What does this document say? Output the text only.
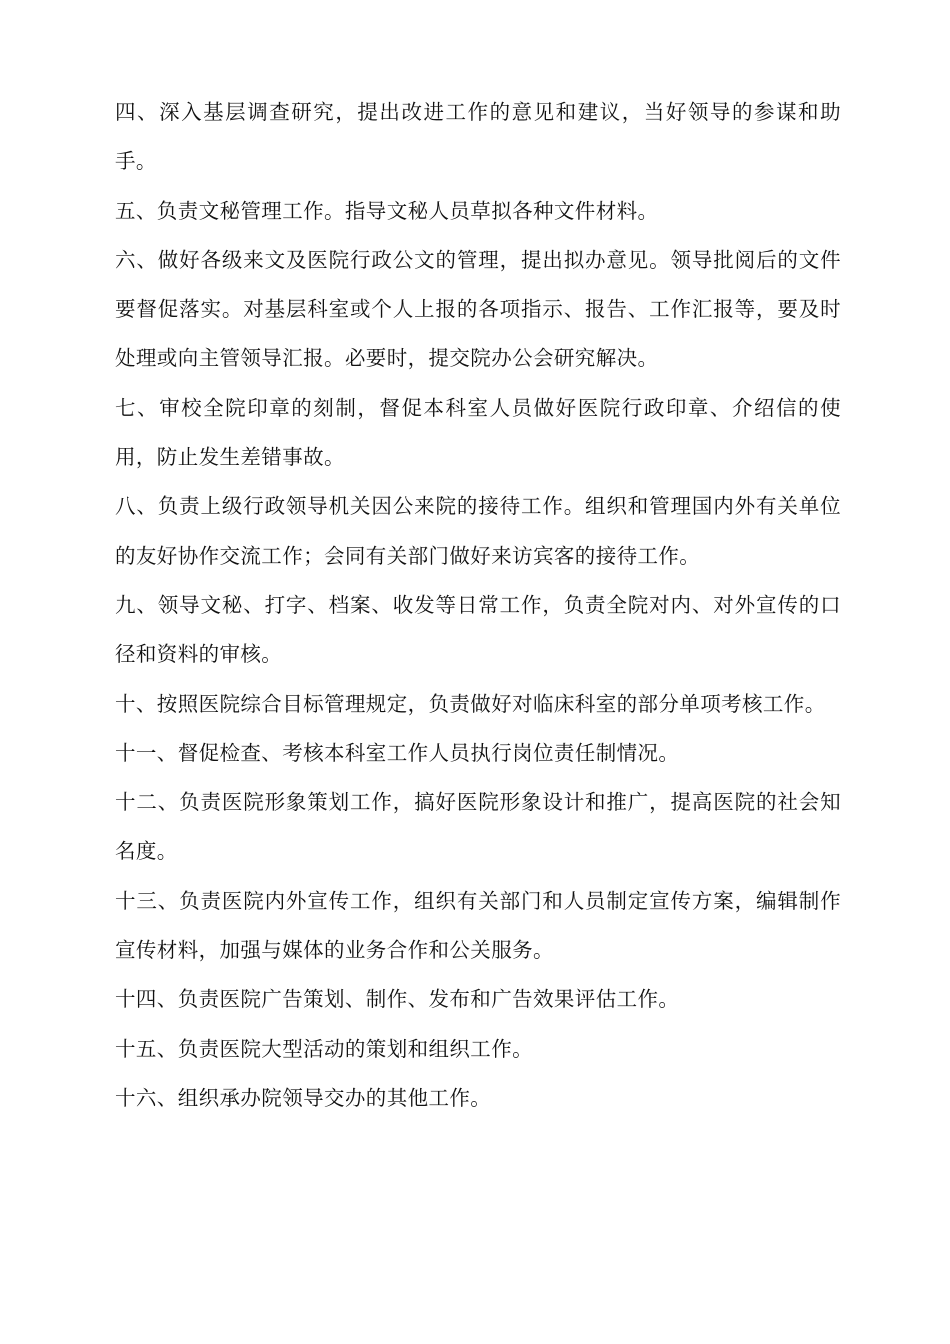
四、深入基层调查研究，提出改进工作的意见和建议，当好领导的参谋和助手。

五、负责文秘管理工作。指导文秘人员草拟各种文件材料。

六、做好各级来文及医院行政公文的管理，提出拟办意见。领导批阅后的文件要督促落实。对基层科室或个人上报的各项指示、报告、工作汇报等，要及时处理或向主管领导汇报。必要时，提交院办公会研究解决。

七、审校全院印章的刻制，督促本科室人员做好医院行政印章、介绍信的使用，防止发生差错事故。

八、负责上级行政领导机关因公来院的接待工作。组织和管理国内外有关单位的友好协作交流工作；会同有关部门做好来访宾客的接待工作。

九、领导文秘、打字、档案、收发等日常工作，负责全院对内、对外宣传的口径和资料的审核。

十、按照医院综合目标管理规定，负责做好对临床科室的部分单项考核工作。

十一、督促检查、考核本科室工作人员执行岗位责任制情况。

十二、负责医院形象策划工作，搞好医院形象设计和推广，提高医院的社会知名度。

十三、负责医院内外宣传工作，组织有关部门和人员制定宣传方案，编辑制作宣传材料，加强与媒体的业务合作和公关服务。

十四、负责医院广告策划、制作、发布和广告效果评估工作。

十五、负责医院大型活动的策划和组织工作。

十六、组织承办院领导交办的其他工作。
